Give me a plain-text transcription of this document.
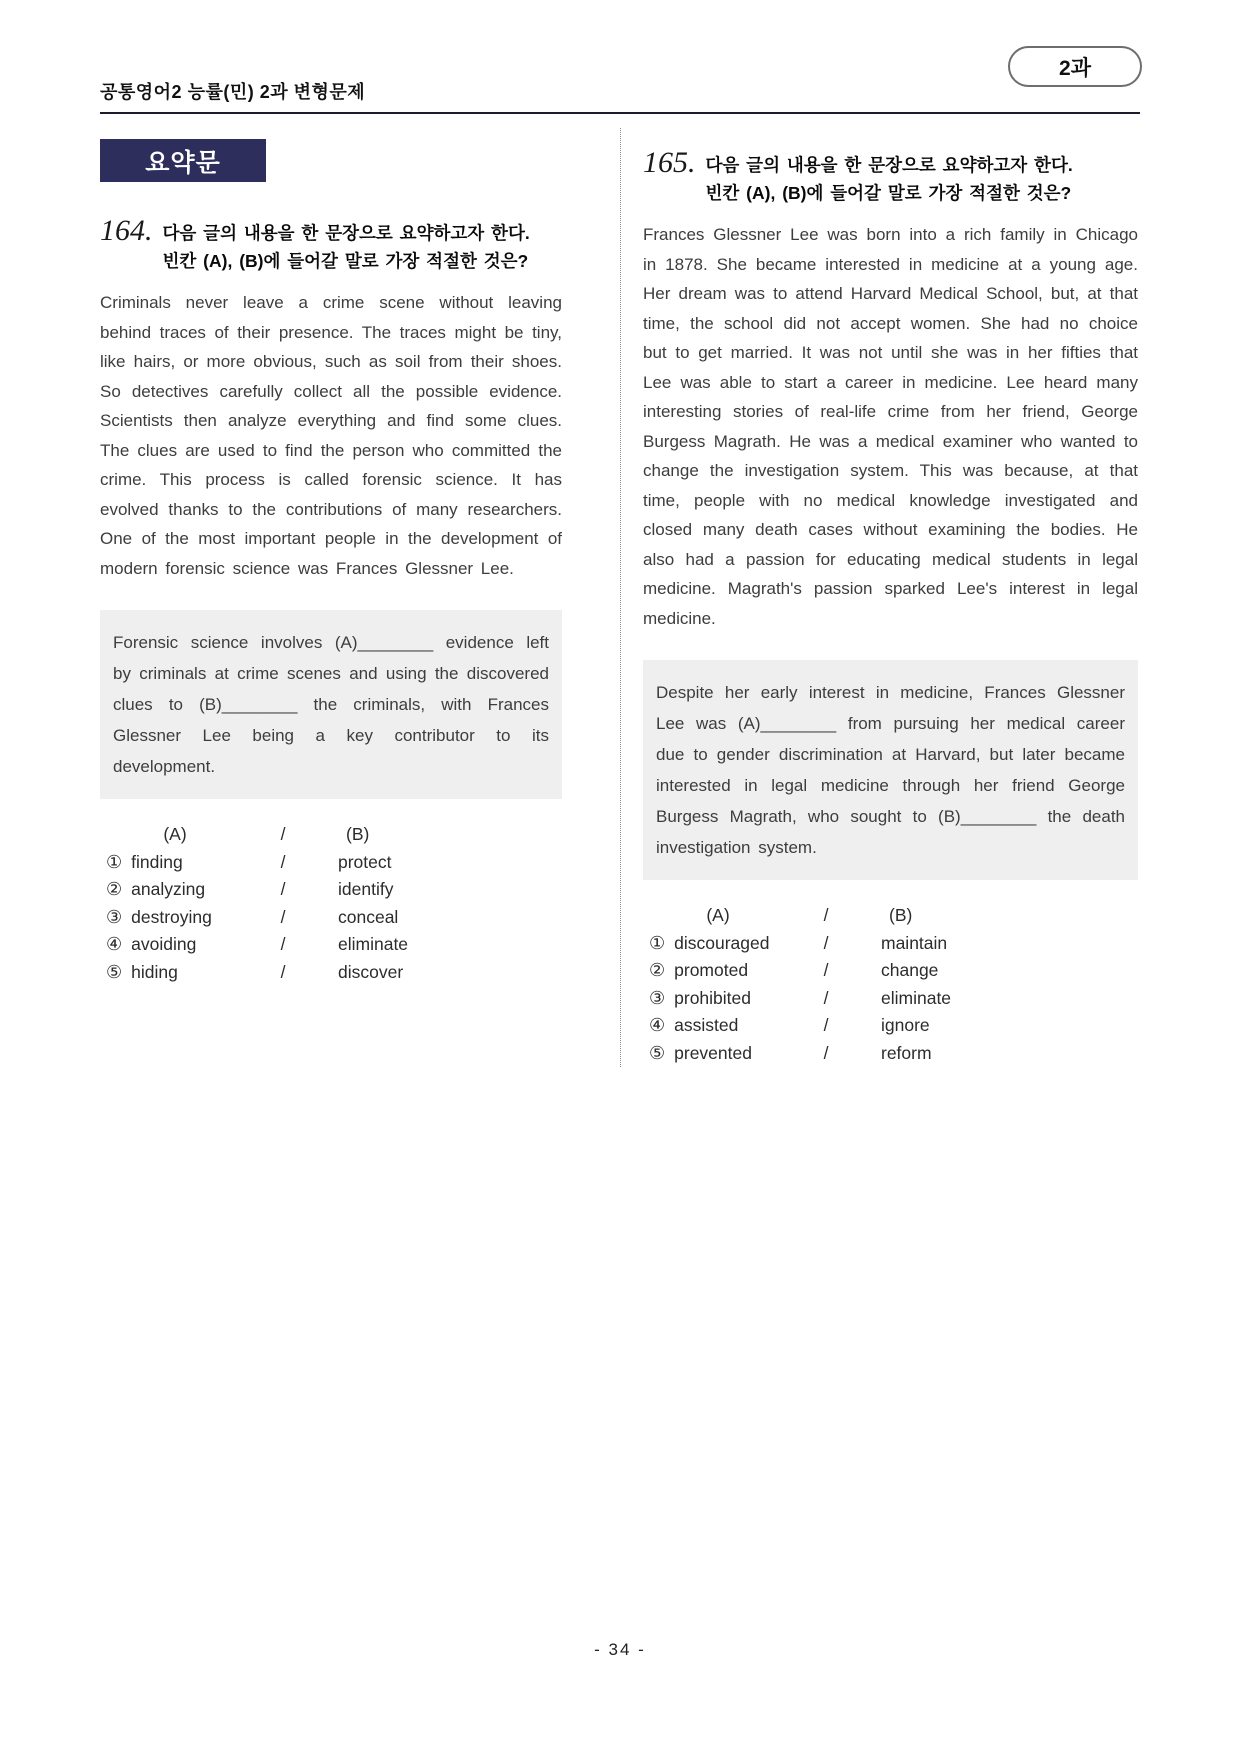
2과
공통영어2 능률(민) 2과 변형문제
요약문
164. 다음 글의 내용을 한 문장으로 요약하고자 한다.
빈칸 (A), (B)에 들어갈 말로 가장 적절한 것은?
Criminals never leave a crime scene without leaving behind traces of their presence. The traces might be tiny, like hairs, or more obvious, such as soil from their shoes. So detectives carefully collect all the possible evidence. Scientists then analyze everything and find some clues. The clues are used to find the person who committed the crime. This process is called forensic science. It has evolved thanks to the contributions of many researchers. One of the most important people in the development of modern forensic science was Frances Glessner Lee.
Forensic science involves (A)________ evidence left by criminals at crime scenes and using the discovered clues to (B)________ the criminals, with Frances Glessner Lee being a key contributor to its development.
(A)	/	(B)
① finding	/	protect
② analyzing	/	identify
③ destroying	/	conceal
④ avoiding	/	eliminate
⑤ hiding	/	discover
165. 다음 글의 내용을 한 문장으로 요약하고자 한다.
빈칸 (A), (B)에 들어갈 말로 가장 적절한 것은?
Frances Glessner Lee was born into a rich family in Chicago in 1878. She became interested in medicine at a young age. Her dream was to attend Harvard Medical School, but, at that time, the school did not accept women. She had no choice but to get married. It was not until she was in her fifties that Lee was able to start a career in medicine. Lee heard many interesting stories of real-life crime from her friend, George Burgess Magrath. He was a medical examiner who wanted to change the investigation system. This was because, at that time, people with no medical knowledge investigated and closed many death cases without examining the bodies. He also had a passion for educating medical students in legal medicine. Magrath's passion sparked Lee's interest in legal medicine.
Despite her early interest in medicine, Frances Glessner Lee was (A)________ from pursuing her medical career due to gender discrimination at Harvard, but later became interested in legal medicine through her friend George Burgess Magrath, who sought to (B)________ the death investigation system.
(A)	/	(B)
① discouraged	/	maintain
② promoted	/	change
③ prohibited	/	eliminate
④ assisted	/	ignore
⑤ prevented	/	reform
- 34 -
